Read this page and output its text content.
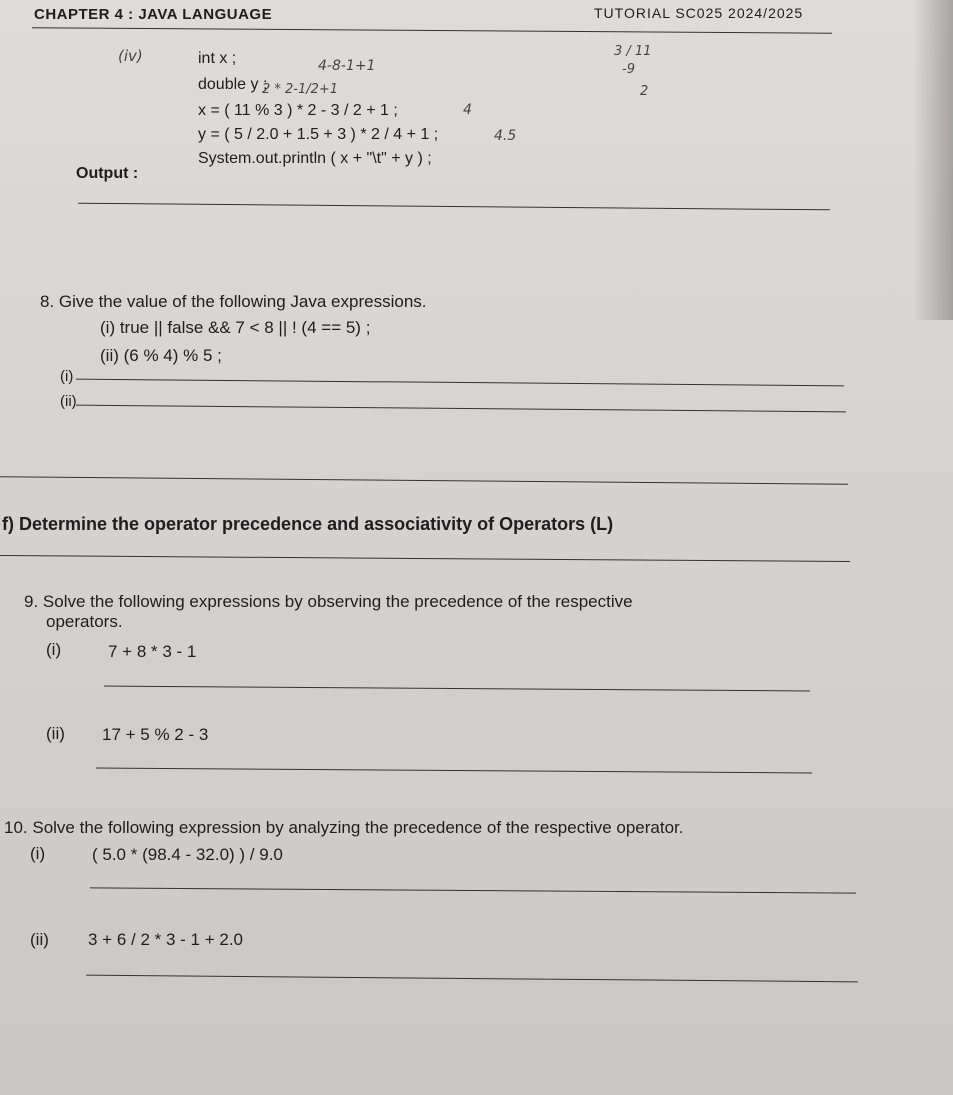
CHAPTER 4 : JAVA LANGUAGE	TUTORIAL SC025 2024/2025
(iv)	int x ;
double y ;
x = ( 11 % 3 ) * 2 - 3 / 2 + 1 ;
y = ( 5 / 2.0 + 1.5 + 3 ) * 2 / 4 + 1 ;
System.out.println ( x + "\t" + y ) ;
4-8-1+1
2 * 2-1/2+1
4
4.5
3 / 11
-9
2
Output :
8. Give the value of the following Java expressions.
(i) true || false && 7 < 8 || ! (4 == 5) ;
(ii) (6 % 4) % 5 ;
(i)
(ii)
f) Determine the operator precedence and associativity of Operators (L)
9. Solve the following expressions by observing the precedence of the respective
operators.
(i)	7 + 8 * 3 - 1
(ii) 17 + 5 % 2 - 3
10. Solve the following expression by analyzing the precedence of the respective operator.
(i)	( 5.0 * (98.4 - 32.0) ) / 9.0
(ii) 3 + 6 / 2 * 3 - 1 + 2.0
